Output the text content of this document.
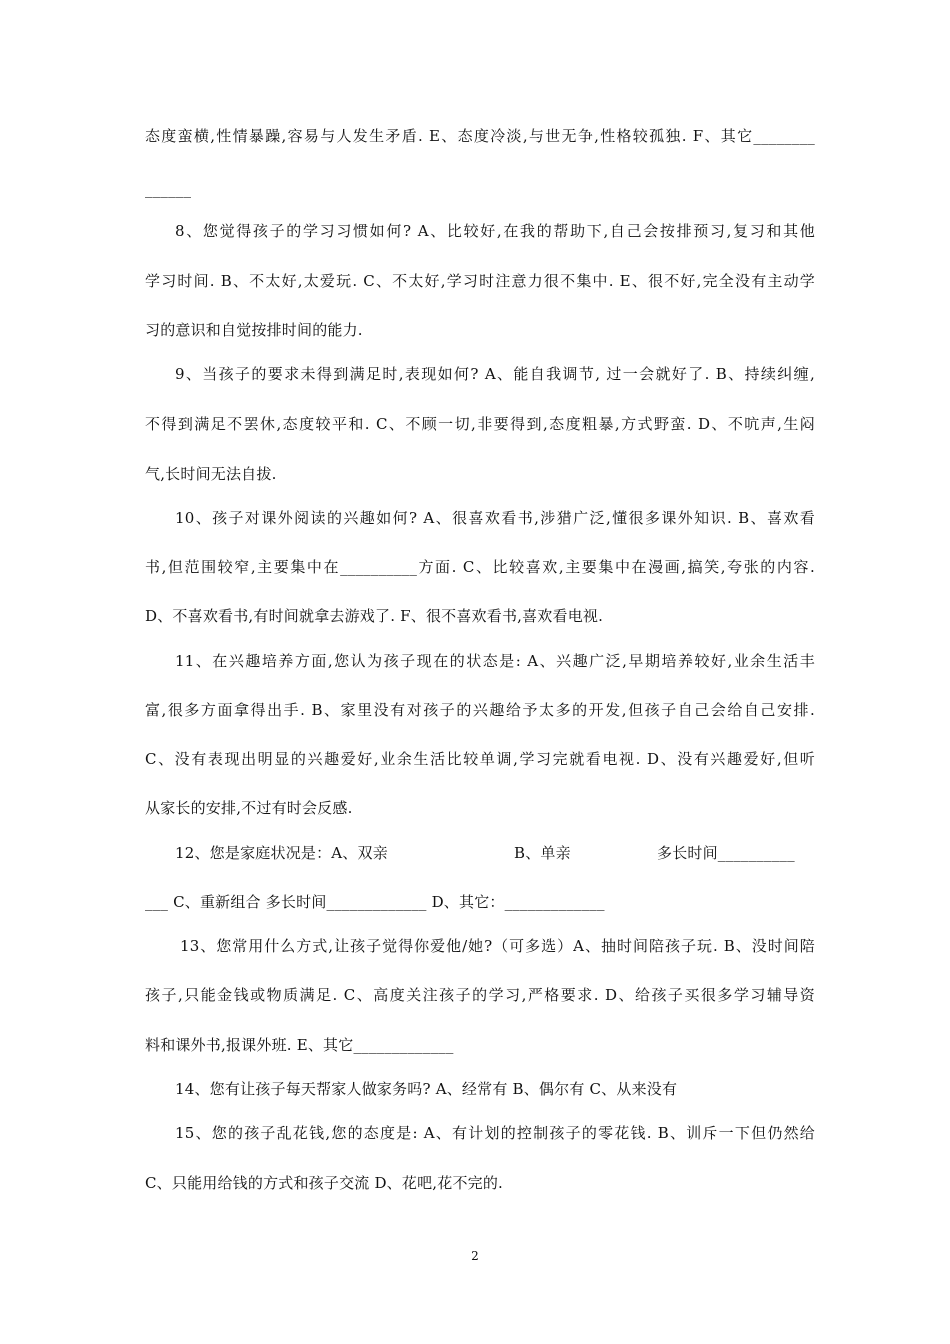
态度蛮横,性情暴躁,容易与人发生矛盾. E、态度冷淡,与世无争,性格较孤独. F、其它________
______
8、您觉得孩子的学习习惯如何? A、比较好,在我的帮助下,自己会按排预习,复习和其他
学习时间. B、不太好,太爱玩. C、不太好,学习时注意力很不集中. E、很不好,完全没有主动学
习的意识和自觉按排时间的能力.
9、当孩子的要求未得到满足时,表现如何? A、能自我调节, 过一会就好了. B、持续纠缠,
不得到满足不罢休,态度较平和. C、不顾一切,非要得到,态度粗暴,方式野蛮. D、不吭声,生闷
气,长时间无法自拔.
10、孩子对课外阅读的兴趣如何? A、很喜欢看书,涉猎广泛,懂很多课外知识. B、喜欢看
书,但范围较窄,主要集中在__________方面. C、比较喜欢,主要集中在漫画,搞笑,夸张的内容.
D、不喜欢看书,有时间就拿去游戏了. F、很不喜欢看书,喜欢看电视.
11、在兴趣培养方面,您认为孩子现在的状态是: A、兴趣广泛,早期培养较好,业余生活丰
富,很多方面拿得出手. B、家里没有对孩子的兴趣给予太多的开发,但孩子自己会给自己安排.
C、没有表现出明显的兴趣爱好,业余生活比较单调,学习完就看电视. D、没有兴趣爱好,但听
从家长的安排,不过有时会反感.
12、您是家庭状况是：A、双亲	B、单亲	多长时间__________
___ C、重新组合 多长时间_____________ D、其它：_____________
13、您常用什么方式,让孩子觉得你爱他/她?（可多选）A、抽时间陪孩子玩. B、没时间陪
孩子,只能金钱或物质满足. C、高度关注孩子的学习,严格要求. D、给孩子买很多学习辅导资
料和课外书,报课外班. E、其它_____________
14、您有让孩子每天帮家人做家务吗? A、经常有 B、偶尔有 C、从来没有
15、您的孩子乱花钱,您的态度是: A、有计划的控制孩子的零花钱. B、训斥一下但仍然给
C、只能用给钱的方式和孩子交流 D、花吧,花不完的.
2
